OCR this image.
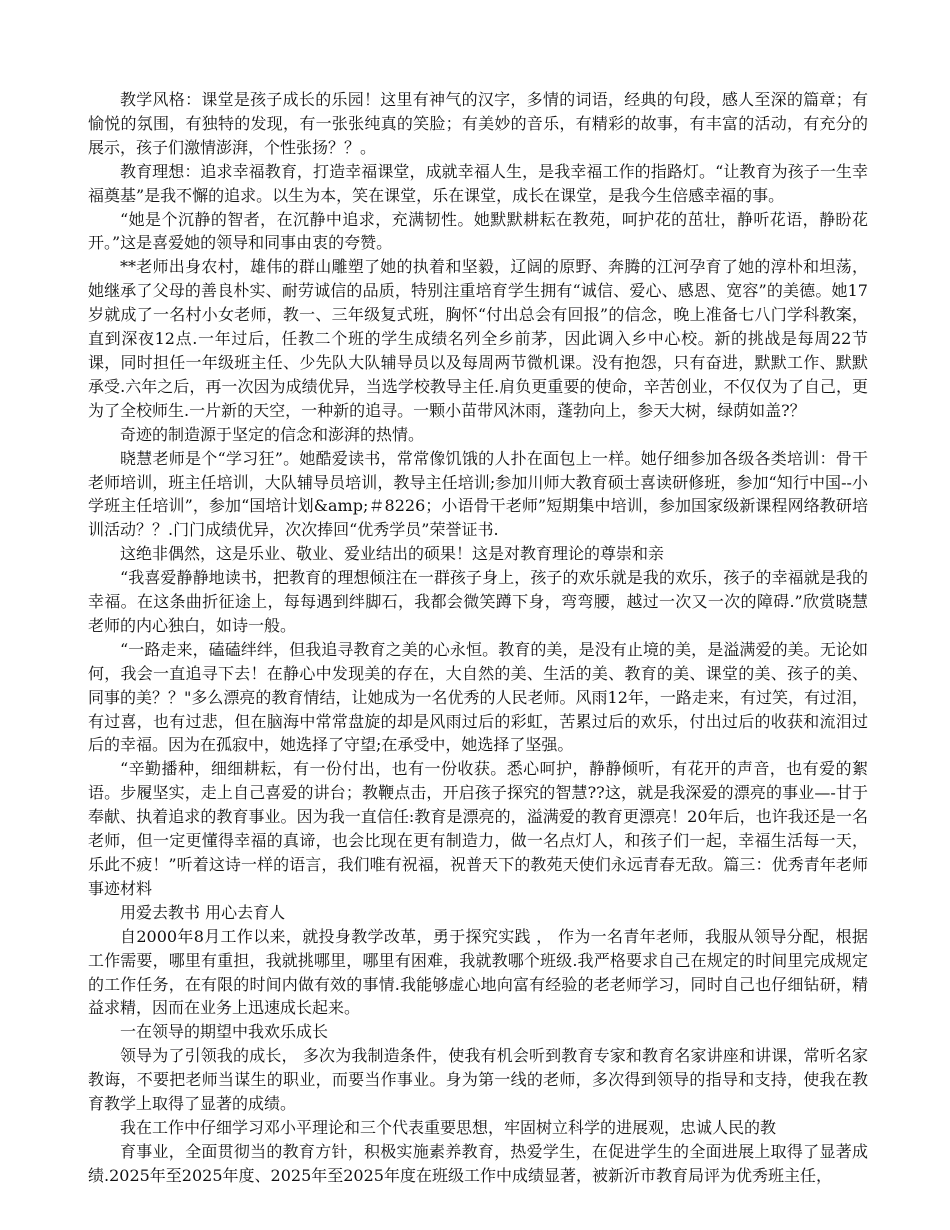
教学风格：课堂是孩子成长的乐园！这里有神气的汉字，多情的词语，经典的句段，感人至深的篇章；有愉悦的氛围，有独特的发现，有一张张纯真的笑脸；有美妙的音乐，有精彩的故事，有丰富的活动，有充分的展示，孩子们激情澎湃，个性张扬？？。

教育理想：追求幸福教育，打造幸福课堂，成就幸福人生，是我幸福工作的指路灯。“让教育为孩子一生幸福奠基”是我不懈的追求。以生为本，笑在课堂，乐在课堂，成长在课堂，是我今生倍感幸福的事。

“她是个沉静的智者，在沉静中追求，充满韧性。她默默耕耘在教苑，呵护花的茁壮，静听花语，静盼花开。”这是喜爱她的领导和同事由衷的夸赞。

**老师出身农村，雄伟的群山雕塑了她的执着和坚毅，辽阔的原野、奔腾的江河孕育了她的淳朴和坦荡，她继承了父母的善良朴实、耐劳诚信的品质，特别注重培育学生拥有“诚信、爱心、感恩、宽容”的美德。她17岁就成了一名村小女老师，教一、三年级复式班，胸怀“付出总会有回报”的信念，晚上准备七八门学科教案，直到深夜12点.一年过后，任教二个班的学生成绩名列全乡前茅，因此调入乡中心校。新的挑战是每周22节课，同时担任一年级班主任、少先队大队辅导员以及每周两节微机课。没有抱怨，只有奋进，默默工作、默默承受.六年之后，再一次因为成绩优异，当选学校教导主任.肩负更重要的使命，辛苦创业，不仅仅为了自己，更为了全校师生.一片新的天空，一种新的追寻。一颗小苗带风沐雨，蓬勃向上，参天大树，绿荫如盖?？

奇迹的制造源于坚定的信念和澎湃的热情。

晓慧老师是个“学习狂”。她酷爱读书，常常像饥饿的人扑在面包上一样。她仔细参加各级各类培训：骨干老师培训，班主任培训，大队辅导员培训，教导主任培训;参加川师大教育硕士喜读研修班，参加“知行中国--小学班主任培训”，参加“国培计划&amp;＃8226；小语骨干老师”短期集中培训，参加国家级新课程网络教研培训活动？？.门门成绩优异，次次捧回“优秀学员”荣誉证书.

这绝非偶然，这是乐业、敬业、爱业结出的硕果！这是对教育理论的尊崇和亲

“我喜爱静静地读书，把教育的理想倾注在一群孩子身上，孩子的欢乐就是我的欢乐，孩子的幸福就是我的幸福。在这条曲折征途上，每每遇到绊脚石，我都会微笑蹲下身，弯弯腰，越过一次又一次的障碍.”欣赏晓慧老师的内心独白，如诗一般。

“一路走来，磕磕绊绊，但我追寻教育之美的心永恒。教育的美，是没有止境的美，是溢满爱的美。无论如何，我会一直追寻下去！在静心中发现美的存在，大自然的美、生活的美、教育的美、课堂的美、孩子的美、同事的美？？"多么漂亮的教育情结，让她成为一名优秀的人民老师。风雨12年，一路走来，有过笑，有过泪，有过喜，也有过悲，但在脑海中常常盘旋的却是风雨过后的彩虹，苦累过后的欢乐，付出过后的收获和流泪过后的幸福。因为在孤寂中，她选择了守望;在承受中，她选择了坚强。

“辛勤播种，细细耕耘，有一份付出，也有一份收获。悉心呵护，静静倾听，有花开的声音，也有爱的絮语。步履坚实，走上自己喜爱的讲台；教鞭点击，开启孩子探究的智慧??这，就是我深爱的漂亮的事业—-甘于奉献、执着追求的教育事业。因为我一直信任:教育是漂亮的，溢满爱的教育更漂亮！20年后，也许我还是一名老师，但一定更懂得幸福的真谛，也会比现在更有制造力，做一名点灯人，和孩子们一起，幸福生活每一天，乐此不疲！”听着这诗一样的语言，我们唯有祝福，祝普天下的教苑天使们永远青春无敌。篇三：优秀青年老师事迹材料

用爱去教书 用心去育人

自2000年8月工作以来，就投身教学改革，勇于探究实践 ， 作为一名青年老师，我服从领导分配，根据工作需要，哪里有重担，我就挑哪里，哪里有困难，我就教哪个班级.我严格要求自己在规定的时间里完成规定的工作任务，在有限的时间内做有效的事情.我能够虚心地向富有经验的老老师学习，同时自己也仔细钻研，精益求精，因而在业务上迅速成长起来。

一在领导的期望中我欢乐成长

领导为了引领我的成长， 多次为我制造条件，使我有机会听到教育专家和教育名家讲座和讲课，常听名家教诲，不要把老师当谋生的职业，而要当作事业。身为第一线的老师，多次得到领导的指导和支持，使我在教育教学上取得了显著的成绩。

我在工作中仔细学习邓小平理论和三个代表重要思想，牢固树立科学的进展观，忠诚人民的教

育事业，全面贯彻当的教育方针，积极实施素养教育，热爱学生，在促进学生的全面进展上取得了显著成绩.2025年至2025年度、2025年至2025年度在班级工作中成绩显著，被新沂市教育局评为优秀班主任，
